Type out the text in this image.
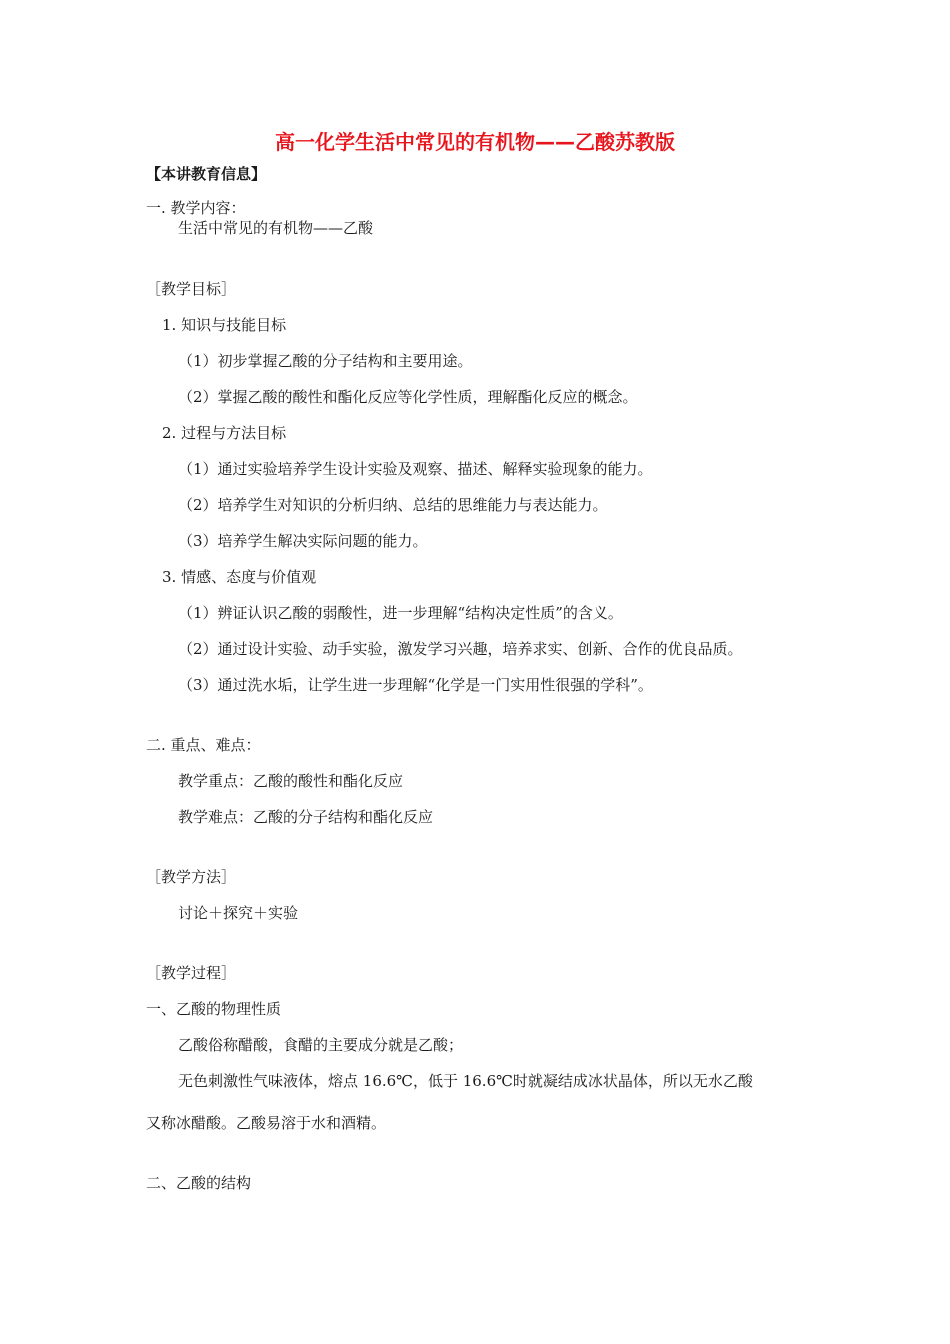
高一化学生活中常见的有机物——乙酸苏教版
【本讲教育信息】
一. 教学内容：
生活中常见的有机物——乙酸
［教学目标］
1. 知识与技能目标
（1）初步掌握乙酸的分子结构和主要用途。
（2）掌握乙酸的酸性和酯化反应等化学性质，理解酯化反应的概念。
2. 过程与方法目标
（1）通过实验培养学生设计实验及观察、描述、解释实验现象的能力。
（2）培养学生对知识的分析归纳、总结的思维能力与表达能力。
（3）培养学生解决实际问题的能力。
3. 情感、态度与价值观
（1）辨证认识乙酸的弱酸性，进一步理解“结构决定性质”的含义。
（2）通过设计实验、动手实验，激发学习兴趣，培养求实、创新、合作的优良品质。
（3）通过洗水垢，让学生进一步理解“化学是一门实用性很强的学科”。
二. 重点、难点：
教学重点：乙酸的酸性和酯化反应
教学难点：乙酸的分子结构和酯化反应
［教学方法］
讨论＋探究＋实验
［教学过程］
一、乙酸的物理性质
乙酸俗称醋酸，食醋的主要成分就是乙酸；
无色刺激性气味液体，熔点 16.6℃，低于 16.6℃时就凝结成冰状晶体，所以无水乙酸
又称冰醋酸。乙酸易溶于水和酒精。
二、乙酸的结构
